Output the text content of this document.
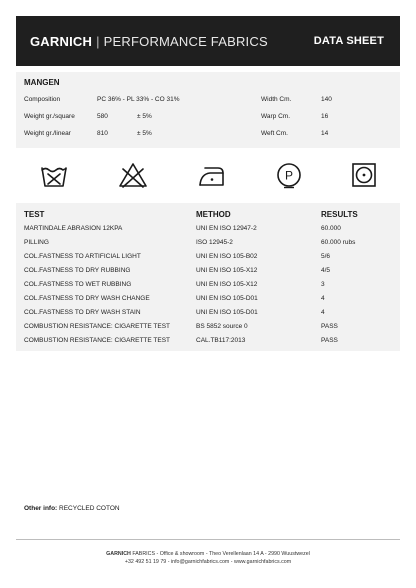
GARNICH | PERFORMANCE FABRICS	DATA SHEET
MANGEN
Composition	PC 36% - PL 33% - CO 31%	Width Cm.	140
Weight gr./square	580	± 5%	Warp Cm.	16
Weight gr./linear	810	± 5%	Weft Cm.	14
P
TEST	METHOD	RESULTS
MARTINDALE ABRASION 12KPA	UNI EN ISO 12947-2	60.000
PILLING	ISO 12945-2	60.000 rubs
COL.FASTNESS TO ARTIFICIAL LIGHT	UNI EN ISO 105-B02	5/6
COL.FASTNESS TO DRY RUBBING	UNI EN ISO 105-X12	4/5
COL.FASTNESS TO WET RUBBING	UNI EN ISO 105-X12	3
COL.FASTNESS TO DRY WASH CHANGE	UNI EN ISO 105-D01	4
COL.FASTNESS TO DRY WASH STAIN	UNI EN ISO 105-D01	4
COMBUSTION RESISTANCE: CIGARETTE TEST	BS 5852 source 0	PASS
COMBUSTION RESISTANCE: CIGARETTE TEST	CAL.TB117:2013	PASS
Other info: RECYCLED COTON
GARNICH FABRICS - Office & showroom - Theo Verellenlaan 14 A - 2990 Wuustwezel
+32 492 51 19 79 - info@garnichfabrics.com - www.garnichfabrics.com
